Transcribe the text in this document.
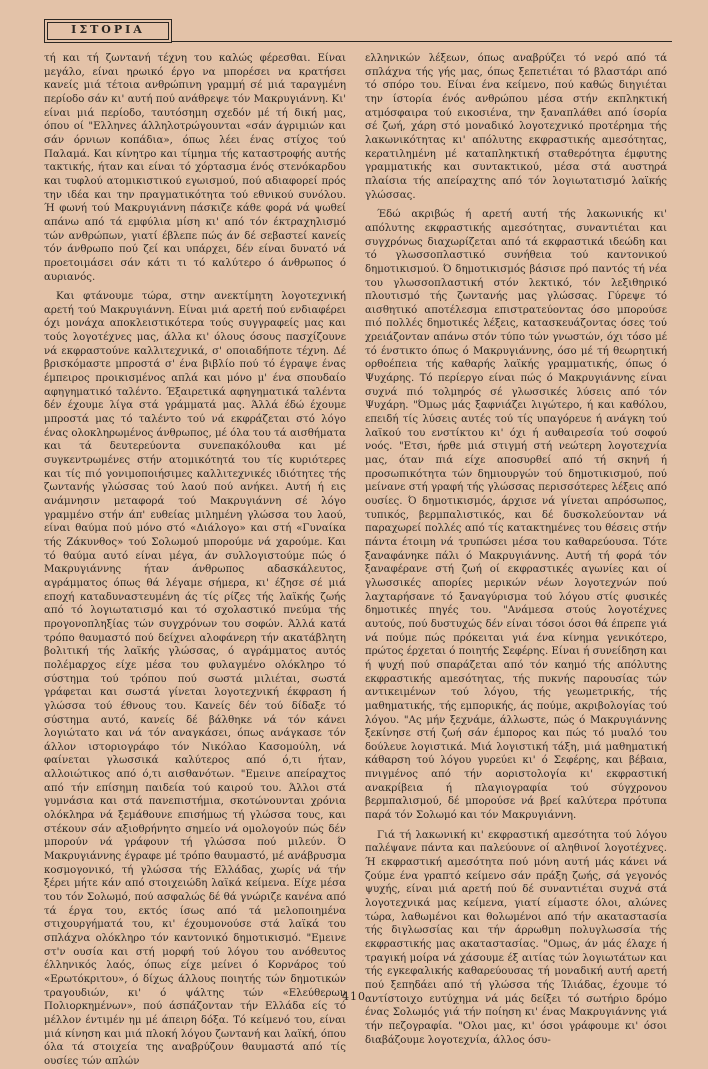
ΙΣΤΟΡΙΑ

τή και τή ζωντανή τέχνη του καλώς φέρεσθαι. Είναι μεγάλο, είναι ηρωικό έργο να μπορέσει να κρατήσει κανείς μιά τέτοια ανθρώπινη γραμμή σέ μιά ταραγμένη περίοδο σάν κι' αυτή πού ανάθρεψε τόν Μακρυγιάννη. Κι' είναι μιά περίοδο, ταυτόσημη σχεδόν μέ τή δική μας, όπου οί "Ελληνες άλληλοτρώγουνται «σάν άγριμιών και σάν όρνιων κοπάδια», όπως λέει ένας στίχος τού Παλαμά. Και κίνητρο και τίμημα τής καταστροφής αυτής τακτικής, ήταν και είναι τό χόρτασμα ένός στενόκαρδου και τυφλού ατομικιστικού εγωισμού, πού αδιαφορεί πρός την ιδέα και την πραγματικότητα τού εθνικού συνόλου. Ή φωνή τού Μακρυγιάννη πάσκιζε κάθε φορά νά ψωθεί απάνω από τά εμφύλια μίση κι' από τόν έκτραχηλισμό τών ανθρώπων, γιατί έβλεπε πώς άν δέ σεβαστεί κανείς τόν άνθρωπο πού ζεί και υπάρχει, δέν είναι δυνατό νά προετοιμάσει σάν κάτι τι τό καλύτερο ό άνθρωπος ό αυριανός.

Και φτάνουμε τώρα, στην ανεκτίμητη λογοτεχνική αρετή τού Μακρυγιάννη. Είναι μιά αρετή πού ενδιαφέρει όχι μονάχα αποκλειστικότερα τούς συγγραφείς μας και τούς λογοτέχνες μας, άλλα κι' όλους όσους πασχίζουνε νά εκφραστούνε καλλιτεχνικά, σ' οποιαδήποτε τέχνη. Δέ βρισκόμαστε μπροστά σ' ένα βιβλίο πού τό έγραψε ένας έμπειρος προικισμένος απλά και μόνο μ' ένα σπουδαίο αφηγηματικό ταλέντο. Έξαιρετικά αφηγηματικά ταλέντα δέν έχουμε λίγα στά γράμματά μας. Άλλά έδώ έχουμε μπροστά μας τό ταλέντο τού νά εκφράζεται στό λόγο ένας ολοκληρωμένος άνθρωπος, μέ όλα του τά αισθήματα και τά δευτερεύοντα συνεπακόλουθα και μέ συγκεντρωμένες στήν ατομικότητά του τίς κυριότερες και τίς πιό γονιμοποιήσιμες καλλιτεχνικές ιδιότητες τής ζωντανής γλώσσας τού λαού πού ανήκει. Αυτή ή εις ανάμνησιν μεταφορά τού Μακρυγιάννη σέ λόγο γραμμένο στήν άπ' ευθείας μιλημένη γλώσσα του λαού, είναι θαύμα πού μόνο στό «Διάλογο» και στή «Γυναίκα τής Ζάκυνθος» τού Σολωμού μπορούμε νά χαρούμε. Και τό θαύμα αυτό είναι μέγα, άν συλλογιστούμε πώς ό Μακρυγιάννης ήταν άνθρωπος αδασκάλευτος, αγράμματος όπως θά λέγαμε σήμερα, κι' έζησε σέ μιά εποχή καταδυναστευμένη άς τίς ρίζες τής λαϊκής ζωής από τό λογιωτατισμό και τό σχολαστικό πνεύμα τής προγονοπληξίας τών συγχρόνων του σοφών. Άλλά κατά τρόπο θαυμαστό πού δείχνει αλοφάνερη τήν ακατάβλητη βολιτική τής λαϊκής γλώσσας, ό αγράμματος αυτός πολέμαρχος είχε μέσα του φυλαγμένο ολόκληρο τό σύστημα τού τρόπου πού σωστά μιλιέται, σωστά γράφεται και σωστά γίνεται λογοτεχνική έκφραση ή γλώσσα τού έθνους του. Κανείς δέν τού δίδαξε τό σύστημα αυτό, κανείς δέ βάλθηκε νά τόν κάνει λογιώτατο και νά τόν αναγκάσει, όπως ανάγκασε τόν άλλον ιστοριογράφο τόν Νικόλαο Κασομούλη, νά φαίνεται γλωσσικά καλύτερος από ό,τι ήταν, αλλοιώτικος από ό,τι αισθανότων. "Εμεινε απείραχτος από τήν επίσημη παιδεία τού καιρού του. Άλλοι στά γυμνάσια και στά πανεπιστήμια, σκοτώνουνται χρόνια ολόκληρα νά ξεμάθουνε επισήμως τή γλώσσα τους, και στέκουν σάν αξιοθρήνητο σημείο νά ομολογούν πώς δέν μπορούν νά γράφουν τή γλώσσα πού μιλεύν. Ό Μακρυγιάννης έγραφε μέ τρόπο θαυμαστό, μέ ανάβρυσμα κοσμογονικό, τή γλώσσα τής Ελλάδας, χωρίς νά τήν ξέρει μήτε κάν από στοιχειώδη λαϊκά κείμενα. Είχε μέσα του τόν Σολωμό, πού ασφαλώς δέ θά γνώριζε κανένα από τά έργα του, εκτός ίσως από τά μελοποιημένα στιχουργήματά του, κι' έχουμονούσε στά λαϊκά του σπλάχνα ολόκληρο τόν καντονικό δημοτικισμό. "Εμεινε στ'ν ουσία και στή μορφή τού λόγου του ανόθευτος έλληνικός λαός, όπως είχε μείνει ό Κορνάρος τού «Ερωτόκριτου», ό δίχως άλλους ποιητής τών δημοτικών τραγουδιών, κι' ό ψάλτης τών «Ελεύθερων Πολιορκημένων», πού άσπάζονταν τήν Ελλάδα είς τό μέλλον έντιμέν ημ μέ άπειρη δόξα. Τό κείμενό του, είναι μιά κίνηση και μιά πλοκή λόγου ζωντανή και λαϊκή, όπου όλα τά στοιχεία της αναβρύζουν θαυμαστά από τίς ουσίες τών απλών

ελληνικών λέξεων, όπως αναβρύζει τό νερό από τά σπλάχνα τής γής μας, όπως ξεπετιέται τό βλαστάρι από τό σπόρο του. Είναι ένα κείμενο, πού καθώς διηγιέται την ίστορία ένός ανθρώπου μέσα στήν εκπληκτική ατμόσφαιρα τού εικοσιένα, την ξαναπλάθει από ίσορία σέ ζωή, χάρη στό μοναδικό λογοτεχνικό προτέρημα τής λακωνικότητας κι' απόλυτης εκφραστικής αμεσότητας, κερατιλημένη μέ καταπληκτική σταθερότητα έμφυτης γραμματικής και συντακτικού, μέσα στά αυστηρά πλαίσια τής απείραχτης από τόν λογιωτατισμό λαϊκής γλώσσας.

Έδώ ακριβώς ή αρετή αυτή τής λακωνικής κι' απόλυτης εκφραστικής αμεσότητας, συναντιέται και συγχρόνως διαχωρίζεται από τά εκφραστικά ιδεώδη και τό γλωσσοπλαστικό συνήθεια τού καντονικού δημοτικισμού. Ό δημοτικισμός βάσισε πρό παντός τή νέα του γλωσσοπλαστική στόν λεκτικό, τόν λεξιθηρικό πλουτισμό τής ζωντανής μας γλώσσας. Γύρεψε τό αισθητικό αποτέλεσμα επιστρατεύοντας όσο μπορούσε πιό πολλές δημοτικές λέξεις, κατασκευάζοντας όσες τού χρειάζονταν απάνω στόν τύπο τών γνωστών, όχι τόσο μέ τό ένστικτο όπως ό Μακρυγιάννης, όσο μέ τή θεωρητική ορθοέπεια τής καθαρής λαϊκής γραμματικής, όπως ό Ψυχάρης. Τό περίεργο είναι πώς ό Μακρυγιάννης είναι συχνά πιό τολμηρός σέ γλωσσικές λύσεις από τόν Ψυχάρη. "Όμως μάς ξαφνιάζει λιγώτερο, ή και καθόλου, επειδή τίς λύσεις αυτές τού τίς υπαγόρευε ή ανάγκη τού λαϊκού του ενστίκτου κι' όχι ή αυθαιρεσία τού σοφού νοός. "Ετσι, ήρθε μιά στιγμή στή νεώτερη λογοτεχνία μας, όταν πιά είχε αποσυρθεί από τή σκηνή ή προσωπικότητα τών δημιουργών τού δημοτικισμού, πού μείνανε στή γραφή τής γλώσσας περισσότερες λέξεις από ουσίες. Ό δημοτικισμός, άρχισε νά γίνεται απρόσωπος, τυπικός, βερμπαλιστικός, και δέ δυσκολεύονταν νά παραχωρεί πολλές από τίς κατακτημένες του θέσεις στήν πάντα έτοιμη νά τρυπώσει μέσα του καθαρεύουσα. Τότε ξαναφάνηκε πάλι ό Μακρυγιάννης. Αυτή τή φορά τόν ξαναφέρανε στή ζωή οί εκφραστικές αγωνίες και οί γλωσσικές απορίες μερικών νέων λογοτεχνών πού λαχταρήσανε τό ξαναγύρισμα τού λόγου στίς φυσικές δημοτικές πηγές του. "Ανάμεσα στούς λογοτέχνες αυτούς, πού δυστυχώς δέν είναι τόσοι όσοι θά έπρεπε γιά νά πούμε πώς πρόκειται γιά ένα κίνημα γενικότερο, πρώτος έρχεται ό ποιητής Σεφέρης. Είναι ή συνείδηση και ή ψυχή πού σπαράζεται από τόν καημό τής απόλυτης εκφραστικής αμεσότητας, τής πυκνής παρουσίας τών αντικειμένων τού λόγου, τής γεωμετρικής, τής μαθηματικής, τής εμπορικής, άς πούμε, ακριβολογίας τού λόγου. "Ας μήν ξεχνάμε, άλλωστε, πώς ό Μακρυγιάννης ξεκίνησε στή ζωή σάν έμπορος και πώς τό μυαλό του δούλευε λογιστικά. Μιά λογιστική τάξη, μιά μαθηματική κάθαρση τού λόγου γυρεύει κι' ό Σεφέρης, και βέβαια, πνιγμένος από τήν αοριστολογία κι' εκφραστική ανακρίβεια ή πλαγιογραφία τού σύγχρονου βερμπαλισμού, δέ μπορούσε νά βρεί καλύτερα πρότυπα παρά τόν Σολωμό και τόν Μακρυγιάννη.

Γιά τή λακωνική κι' εκφραστική αμεσότητα τού λόγου παλέψανε πάντα και παλεύουνε οί αληθινοί λογοτέχνες. Ή εκφραστική αμεσότητα πού μόνη αυτή μάς κάνει νά ζούμε ένα γραπτό κείμενο σάν πράξη ζωής, σά γεγονός ψυχής, είναι μιά αρετή πού δέ συναντιέται συχνά στά λογοτεχνικά μας κείμενα, γιατί είμαστε όλοι, αλώνες τώρα, λαθωμένοι και θολωμένοι από τήν ακαταστασία τής διγλωσσίας και τήν άρρωθμη πολυγλωσσία τής εκφραστικής μας ακαταστασίας. "Ομως, άν μάς έλαχε ή τραγική μοίρα νά χάσουμε έξ αιτίας τών λογιωτάτων και τής εγκεφαλικής καθαρεύουσας τή μοναδική αυτή αρετή πού ξεπηδάει από τή γλώσσα τής Ίλιάδας, έχουμε τό αντίστοιχο ευτύχημα νά μάς δείξει τό σωτήριο δρόμο ένας Σολωμός γιά τήν ποίηση κι' ένας Μακρυγιάννης γιά τήν πεζογραφία. "Ολοι μας, κι' όσοι γράφουμε κι' όσοι διαβάζουμε λογοτεχνία, άλλος όσυ-

410
